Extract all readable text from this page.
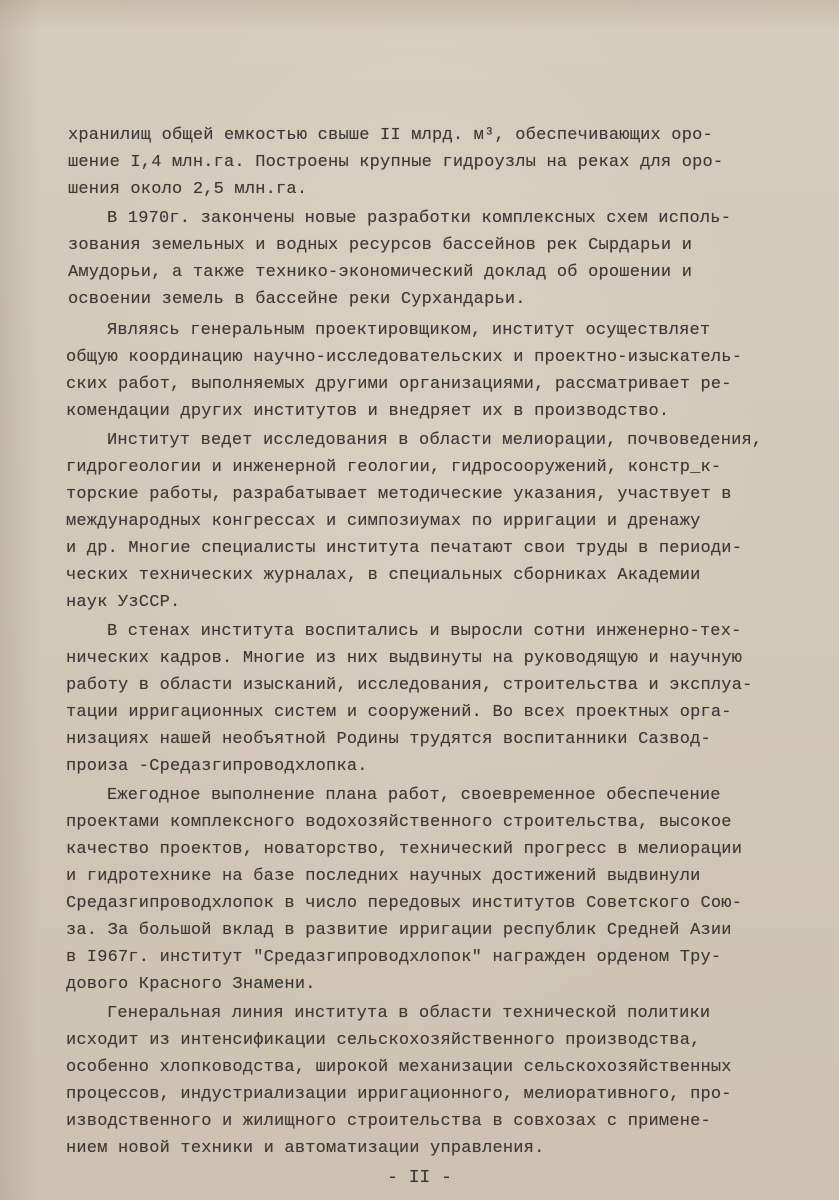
хранилищ общей емкостью свыше II млрд. м³, обеспечивающих оро-

шение I,4 млн.га. Построены крупные гидроузлы на реках для оро-

шения около 2,5 млн.га.

В 1970г. закончены новые разработки комплексных схем исполь-

зования земельных и водных ресурсов бассейнов рек Сырдарьи и

Амудорьи, а также технико-экономический доклад об орошении и

освоении земель в бассейне реки Сурхандарьи.

Являясь генеральным проектировщиком, институт осуществляет

общую координацию научно-исследовательских и проектно-изыскатель-

ских работ, выполняемых другими организациями, рассматривает ре-

комендации других институтов и внедряет их в производство.

Институт ведет исследования в области мелиорации, почвоведения,

гидрогеологии и инженерной геологии, гидросооружений, констр_к-

торские работы, разрабатывает методические указания, участвует в

международных конгрессах и симпозиумах по ирригации и дренажу

и др. Многие специалисты института печатают свои труды в периоди-

ческих технических журналах, в специальных сборниках Академии

наук УзССР.

В стенах института воспитались и выросли сотни инженерно-тех-

нических кадров. Многие из них выдвинуты на руководящую и научную

работу в области изысканий, исследования, строительства и эксплуа-

тации ирригационных систем и сооружений. Во всех проектных орга-

низациях нашей необъятной Родины трудятся воспитанники Сазвод-

произа -Средазгипроводхлопка.

Ежегодное выполнение плана работ, своевременное обеспечение

проектами комплексного водохозяйственного строительства, высокое

качество проектов, новаторство, технический прогресс в мелиорации

и гидротехнике на базе последних научных достижений выдвинули

Средазгипроводхлопок в число передовых институтов Советского Сою-

за. За большой вклад в развитие ирригации республик Средней Азии

в I967г. институт "Средазгипроводхлопок" награжден орденом Тру-

дового Красного Знамени.

Генеральная линия института в области технической политики

исходит из интенсификации сельскохозяйственного производства,

особенно хлопководства, широкой механизации сельскохозяйственных

процессов, индустриализации ирригационного, мелиоративного, про-

изводственного и жилищного строительства в совхозах с примене-

нием новой техники и автоматизации управления.

- II -
